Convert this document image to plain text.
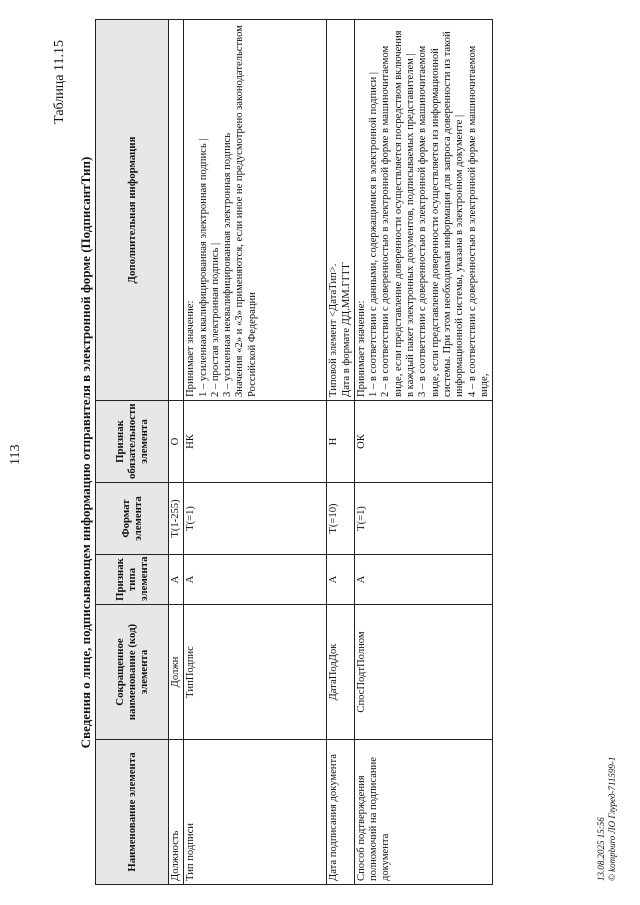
113
Таблица 11.15
Сведения о лице, подписывающем информацию отправителя в электронной форме (ПодписантТип)
Наименование элемента	Сокращенное наименование (код) элемента	Признак типа элемента	Формат элемента	Признак обязательности элемента	Дополнительная информация
Должность	Должн	А	T(1-255)	О	
Тип подписи	ТипПодпис	А	T(=1)	НК	Принимает значение: 1 – усиленная квалифицированная электронная подпись | 2 – простая электронная подпись | 3 – усиленная неквалифицированная электронная подпись Значения «2» и «3» применяются, если иное не предусмотрено законодательством Российской Федерации

Дата подписания документа	ДатаПодДок	А	T(=10)	Н	Типовой элемент <ДатаТип>. Дата в формате ДД.ММ.ГГГГ

Способ подтверждения полномочий на подписание документа	СпосПодтПолном	А	T(=1)	ОК	Принимает значение: 1 – в соответствии с данными, содержащимися в электронной подписи | 2 – в соответствии с доверенностью в электронной форме в машиночитаемом виде, если представление доверенности осуществляется посредством включения в каждый пакет электронных документов, подписываемых представителем | 3 – в соответствии с доверенностью в электронной форме в машиночитаемом виде, если представление доверенности осуществляется из информационной системы. При этом необходимая информация для запроса доверенности из такой информационной системы, указана в электронном документе | 4 – в соответствии с доверенностью в электронной форме в машиночитаемом виде,
13.08.2025 15:56 © kompburo ЛО Глуред-711599-1
